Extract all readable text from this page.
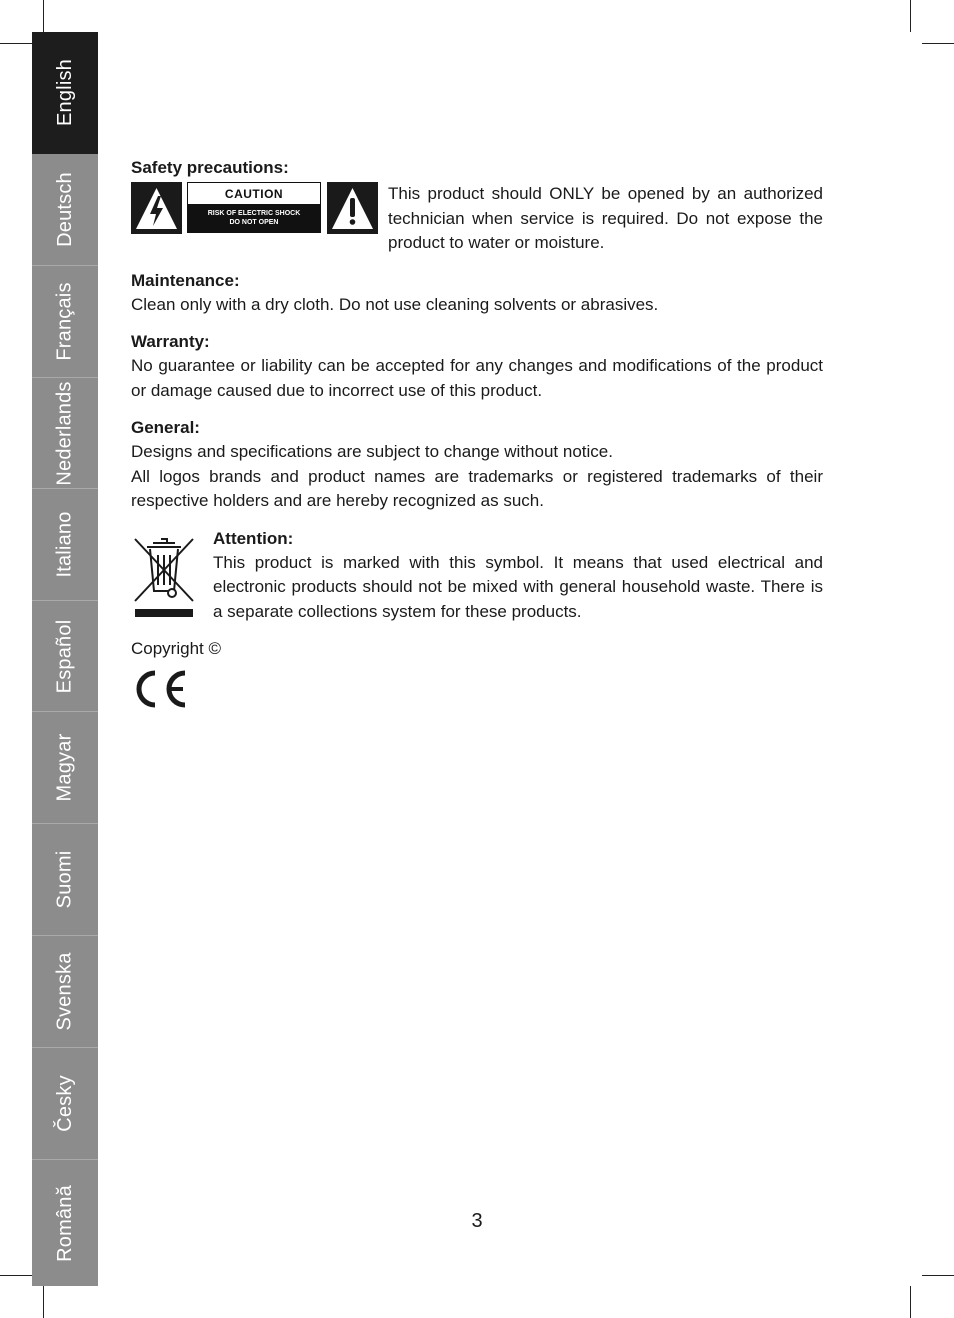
English
Deutsch
Français
Nederlands
Italiano
Español
Magyar
Suomi
Svenska
Česky
Română

Safety precautions:

CAUTION
RISK OF ELECTRIC SHOCK
DO NOT OPEN

This product should ONLY be opened by an authorized technician when service is required. Do not expose the product to water or moisture.

Maintenance:

Clean only with a dry cloth. Do not use cleaning solvents or abrasives.

Warranty:

No guarantee or liability can be accepted for any changes and modifications of the product or damage caused due to incorrect use of this product.

General:

Designs and specifications are subject to change without notice.

All logos brands and product names are trademarks or registered trademarks of their respective holders and are hereby recognized as such.

Attention:

This product is marked with this symbol. It means that used electrical and electronic products should not be mixed with general household waste. There is a separate collections system for these products.

Copyright ©

3
